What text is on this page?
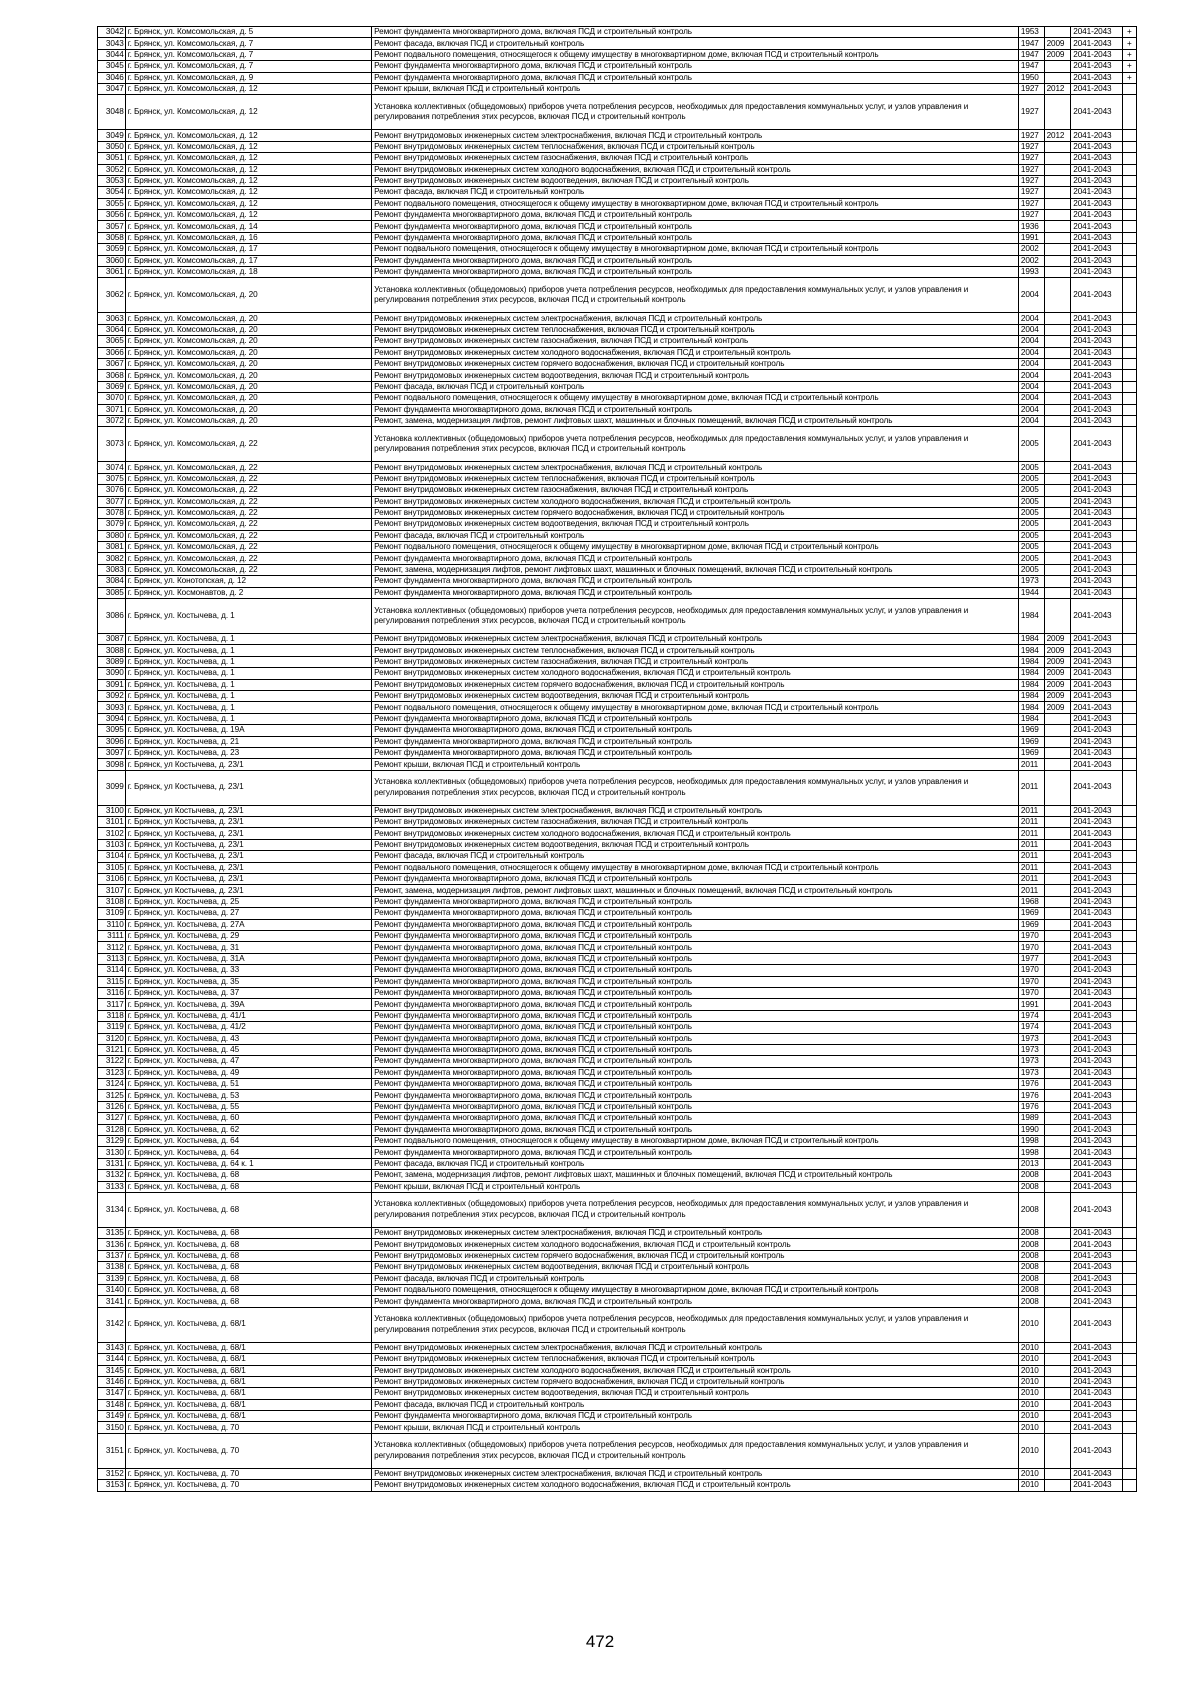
3042	г. Брянск, ул. Комсомольская, д. 5	Ремонт фундамента многоквартирного дома, включая ПСД и строительный контроль	1953		2041-2043	+
3043	г. Брянск, ул. Комсомольская, д. 7	Ремонт фасада, включая ПСД и строительный контроль	1947	2009	2041-2043	+
3044	г. Брянск, ул. Комсомольская, д. 7	Ремонт подвального помещения, относящегося к общему имуществу в многоквартирном доме, включая ПСД и строительный контроль	1947	2009	2041-2043	+
3045	г. Брянск, ул. Комсомольская, д. 7	Ремонт фундамента многоквартирного дома, включая ПСД и строительный контроль	1947		2041-2043	+
3046	г. Брянск, ул. Комсомольская, д. 9	Ремонт фундамента многоквартирного дома, включая ПСД и строительный контроль	1950		2041-2043	+
3047	г. Брянск, ул. Комсомольская, д. 12	Ремонт крыши, включая ПСД и строительный контроль	1927	2012	2041-2043	
3048	г. Брянск, ул. Комсомольская, д. 12	Установка коллективных (общедомовых) приборов учета потребления ресурсов, необходимых для предоставления коммунальных услуг, и узлов управления и регулирования потребления этих ресурсов, включая ПСД и строительный контроль	1927		2041-2043	
3049	г. Брянск, ул. Комсомольская, д. 12	Ремонт внутридомовых инженерных систем электроснабжения, включая ПСД и строительный контроль	1927	2012	2041-2043	
3050	г. Брянск, ул. Комсомольская, д. 12	Ремонт внутридомовых инженерных систем теплоснабжения, включая ПСД и строительный контроль	1927		2041-2043	
3051	г. Брянск, ул. Комсомольская, д. 12	Ремонт внутридомовых инженерных систем газоснабжения, включая ПСД и строительный контроль	1927		2041-2043	
3052	г. Брянск, ул. Комсомольская, д. 12	Ремонт внутридомовых инженерных систем холодного водоснабжения, включая ПСД и строительный контроль	1927		2041-2043	
3053	г. Брянск, ул. Комсомольская, д. 12	Ремонт внутридомовых инженерных систем водоотведения, включая ПСД и строительный контроль	1927		2041-2043	
3054	г. Брянск, ул. Комсомольская, д. 12	Ремонт фасада, включая ПСД и строительный контроль	1927		2041-2043	
3055	г. Брянск, ул. Комсомольская, д. 12	Ремонт подвального помещения, относящегося к общему имуществу в многоквартирном доме, включая ПСД и строительный контроль	1927		2041-2043	
3056	г. Брянск, ул. Комсомольская, д. 12	Ремонт фундамента многоквартирного дома, включая ПСД и строительный контроль	1927		2041-2043	
3057	г. Брянск, ул. Комсомольская, д. 14	Ремонт фундамента многоквартирного дома, включая ПСД и строительный контроль	1936		2041-2043	
3058	г. Брянск, ул. Комсомольская, д. 16	Ремонт фундамента многоквартирного дома, включая ПСД и строительный контроль	1991		2041-2043	
3059	г. Брянск, ул. Комсомольская, д. 17	Ремонт подвального помещения, относящегося к общему имуществу в многоквартирном доме, включая ПСД и строительный контроль	2002		2041-2043	
3060	г. Брянск, ул. Комсомольская, д. 17	Ремонт фундамента многоквартирного дома, включая ПСД и строительный контроль	2002		2041-2043	
3061	г. Брянск, ул. Комсомольская, д. 18	Ремонт фундамента многоквартирного дома, включая ПСД и строительный контроль	1993		2041-2043	
3062	г. Брянск, ул. Комсомольская, д. 20	Установка коллективных (общедомовых) приборов учета потребления ресурсов, необходимых для предоставления коммунальных услуг, и узлов управления и регулирования потребления этих ресурсов, включая ПСД и строительный контроль	2004		2041-2043	
3063	г. Брянск, ул. Комсомольская, д. 20	Ремонт внутридомовых инженерных систем электроснабжения, включая ПСД и строительный контроль	2004		2041-2043	
3064	г. Брянск, ул. Комсомольская, д. 20	Ремонт внутридомовых инженерных систем теплоснабжения, включая ПСД и строительный контроль	2004		2041-2043	
3065	г. Брянск, ул. Комсомольская, д. 20	Ремонт внутридомовых инженерных систем газоснабжения, включая ПСД и строительный контроль	2004		2041-2043	
3066	г. Брянск, ул. Комсомольская, д. 20	Ремонт внутридомовых инженерных систем холодного водоснабжения, включая ПСД и строительный контроль	2004		2041-2043	
3067	г. Брянск, ул. Комсомольская, д. 20	Ремонт внутридомовых инженерных систем горячего водоснабжения, включая ПСД и строительный контроль	2004		2041-2043	
3068	г. Брянск, ул. Комсомольская, д. 20	Ремонт внутридомовых инженерных систем водоотведения, включая ПСД и строительный контроль	2004		2041-2043	
3069	г. Брянск, ул. Комсомольская, д. 20	Ремонт фасада, включая ПСД и строительный контроль	2004		2041-2043	
3070	г. Брянск, ул. Комсомольская, д. 20	Ремонт подвального помещения, относящегося к общему имуществу в многоквартирном доме, включая ПСД и строительный контроль	2004		2041-2043	
3071	г. Брянск, ул. Комсомольская, д. 20	Ремонт фундамента многоквартирного дома, включая ПСД и строительный контроль	2004		2041-2043	
3072	г. Брянск, ул. Комсомольская, д. 20	Ремонт, замена, модернизация лифтов, ремонт лифтовых шахт, машинных и блочных помещений, включая ПСД и строительный контроль	2004		2041-2043	
3073	г. Брянск, ул. Комсомольская, д. 22	Установка коллективных (общедомовых) приборов учета потребления ресурсов, необходимых для предоставления коммунальных услуг, и узлов управления и регулирования потребления этих ресурсов, включая ПСД и строительный контроль	2005		2041-2043	
3074	г. Брянск, ул. Комсомольская, д. 22	Ремонт внутридомовых инженерных систем электроснабжения, включая ПСД и строительный контроль	2005		2041-2043	
3075	г. Брянск, ул. Комсомольская, д. 22	Ремонт внутридомовых инженерных систем теплоснабжения, включая ПСД и строительный контроль	2005		2041-2043	
3076	г. Брянск, ул. Комсомольская, д. 22	Ремонт внутридомовых инженерных систем газоснабжения, включая ПСД и строительный контроль	2005		2041-2043	
3077	г. Брянск, ул. Комсомольская, д. 22	Ремонт внутридомовых инженерных систем холодного водоснабжения, включая ПСД и строительный контроль	2005		2041-2043	
3078	г. Брянск, ул. Комсомольская, д. 22	Ремонт внутридомовых инженерных систем горячего водоснабжения, включая ПСД и строительный контроль	2005		2041-2043	
3079	г. Брянск, ул. Комсомольская, д. 22	Ремонт внутридомовых инженерных систем водоотведения, включая ПСД и строительный контроль	2005		2041-2043	
3080	г. Брянск, ул. Комсомольская, д. 22	Ремонт фасада, включая ПСД и строительный контроль	2005		2041-2043	
3081	г. Брянск, ул. Комсомольская, д. 22	Ремонт подвального помещения, относящегося к общему имуществу в многоквартирном доме, включая ПСД и строительный контроль	2005		2041-2043	
3082	г. Брянск, ул. Комсомольская, д. 22	Ремонт фундамента многоквартирного дома, включая ПСД и строительный контроль	2005		2041-2043	
3083	г. Брянск, ул. Комсомольская, д. 22	Ремонт, замена, модернизация лифтов, ремонт лифтовых шахт, машинных и блочных помещений, включая ПСД и строительный контроль	2005		2041-2043	
3084	г. Брянск, ул. Конотопская, д. 12	Ремонт фундамента многоквартирного дома, включая ПСД и строительный контроль	1973		2041-2043	
3085	г. Брянск, ул. Космонавтов, д. 2	Ремонт фундамента многоквартирного дома, включая ПСД и строительный контроль	1944		2041-2043	
3086	г. Брянск, ул. Костычева, д. 1	Установка коллективных (общедомовых) приборов учета потребления ресурсов, необходимых для предоставления коммунальных услуг, и узлов управления и регулирования потребления этих ресурсов, включая ПСД и строительный контроль	1984		2041-2043	
3087	г. Брянск, ул. Костычева, д. 1	Ремонт внутридомовых инженерных систем электроснабжения, включая ПСД и строительный контроль	1984	2009	2041-2043	
3088	г. Брянск, ул. Костычева, д. 1	Ремонт внутридомовых инженерных систем теплоснабжения, включая ПСД и строительный контроль	1984	2009	2041-2043	
3089	г. Брянск, ул. Костычева, д. 1	Ремонт внутридомовых инженерных систем газоснабжения, включая ПСД и строительный контроль	1984	2009	2041-2043	
3090	г. Брянск, ул. Костычева, д. 1	Ремонт внутридомовых инженерных систем холодного водоснабжения, включая ПСД и строительный контроль	1984	2009	2041-2043	
3091	г. Брянск, ул. Костычева, д. 1	Ремонт внутридомовых инженерных систем горячего водоснабжения, включая ПСД и строительный контроль	1984	2009	2041-2043	
3092	г. Брянск, ул. Костычева, д. 1	Ремонт внутридомовых инженерных систем водоотведения, включая ПСД и строительный контроль	1984	2009	2041-2043	
3093	г. Брянск, ул. Костычева, д. 1	Ремонт подвального помещения, относящегося к общему имуществу в многоквартирном доме, включая ПСД и строительный контроль	1984	2009	2041-2043	
3094	г. Брянск, ул. Костычева, д. 1	Ремонт фундамента многоквартирного дома, включая ПСД и строительный контроль	1984		2041-2043	
3095	г. Брянск, ул. Костычева, д. 19А	Ремонт фундамента многоквартирного дома, включая ПСД и строительный контроль	1969		2041-2043	
3096	г. Брянск, ул. Костычева, д. 21	Ремонт фундамента многоквартирного дома, включая ПСД и строительный контроль	1969		2041-2043	
3097	г. Брянск, ул. Костычева, д. 23	Ремонт фундамента многоквартирного дома, включая ПСД и строительный контроль	1969		2041-2043	
3098	г. Брянск, ул Костычева, д. 23/1	Ремонт крыши, включая ПСД и строительный контроль	2011		2041-2043	
3099	г. Брянск, ул Костычева, д. 23/1	Установка коллективных (общедомовых) приборов учета потребления ресурсов, необходимых для предоставления коммунальных услуг, и узлов управления и регулирования потребления этих ресурсов, включая ПСД и строительный контроль	2011		2041-2043	
3100	г. Брянск, ул Костычева, д. 23/1	Ремонт внутридомовых инженерных систем электроснабжения, включая ПСД и строительный контроль	2011		2041-2043	
3101	г. Брянск, ул Костычева, д. 23/1	Ремонт внутридомовых инженерных систем газоснабжения, включая ПСД и строительный контроль	2011		2041-2043	
3102	г. Брянск, ул Костычева, д. 23/1	Ремонт внутридомовых инженерных систем холодного водоснабжения, включая ПСД и строительный контроль	2011		2041-2043	
3103	г. Брянск, ул Костычева, д. 23/1	Ремонт внутридомовых инженерных систем водоотведения, включая ПСД и строительный контроль	2011		2041-2043	
3104	г. Брянск, ул Костычева, д. 23/1	Ремонт фасада, включая ПСД и строительный контроль	2011		2041-2043	
3105	г. Брянск, ул Костычева, д. 23/1	Ремонт подвального помещения, относящегося к общему имуществу в многоквартирном доме, включая ПСД и строительный контроль	2011		2041-2043	
3106	г. Брянск, ул Костычева, д. 23/1	Ремонт фундамента многоквартирного дома, включая ПСД и строительный контроль	2011		2041-2043	
3107	г. Брянск, ул Костычева, д. 23/1	Ремонт, замена, модернизация лифтов, ремонт лифтовых шахт, машинных и блочных помещений, включая ПСД и строительный контроль	2011		2041-2043	
3108	г. Брянск, ул. Костычева, д. 25	Ремонт фундамента многоквартирного дома, включая ПСД и строительный контроль	1968		2041-2043	
3109	г. Брянск, ул. Костычева, д. 27	Ремонт фундамента многоквартирного дома, включая ПСД и строительный контроль	1969		2041-2043	
3110	г. Брянск, ул. Костычева, д. 27А	Ремонт фундамента многоквартирного дома, включая ПСД и строительный контроль	1969		2041-2043	
3111	г. Брянск, ул. Костычева, д. 29	Ремонт фундамента многоквартирного дома, включая ПСД и строительный контроль	1970		2041-2043	
3112	г. Брянск, ул. Костычева, д. 31	Ремонт фундамента многоквартирного дома, включая ПСД и строительный контроль	1970		2041-2043	
3113	г. Брянск, ул. Костычева, д. 31А	Ремонт фундамента многоквартирного дома, включая ПСД и строительный контроль	1977		2041-2043	
3114	г. Брянск, ул. Костычева, д. 33	Ремонт фундамента многоквартирного дома, включая ПСД и строительный контроль	1970		2041-2043	
3115	г. Брянск, ул. Костычева, д. 35	Ремонт фундамента многоквартирного дома, включая ПСД и строительный контроль	1970		2041-2043	
3116	г. Брянск, ул. Костычева, д. 37	Ремонт фундамента многоквартирного дома, включая ПСД и строительный контроль	1970		2041-2043	
3117	г. Брянск, ул. Костычева, д. 39А	Ремонт фундамента многоквартирного дома, включая ПСД и строительный контроль	1991		2041-2043	
3118	г. Брянск, ул. Костычева, д. 41/1	Ремонт фундамента многоквартирного дома, включая ПСД и строительный контроль	1974		2041-2043	
3119	г. Брянск, ул. Костычева, д. 41/2	Ремонт фундамента многоквартирного дома, включая ПСД и строительный контроль	1974		2041-2043	
3120	г. Брянск, ул. Костычева, д. 43	Ремонт фундамента многоквартирного дома, включая ПСД и строительный контроль	1973		2041-2043	
3121	г. Брянск, ул. Костычева, д. 45	Ремонт фундамента многоквартирного дома, включая ПСД и строительный контроль	1973		2041-2043	
3122	г. Брянск, ул. Костычева, д. 47	Ремонт фундамента многоквартирного дома, включая ПСД и строительный контроль	1973		2041-2043	
3123	г. Брянск, ул. Костычева, д. 49	Ремонт фундамента многоквартирного дома, включая ПСД и строительный контроль	1973		2041-2043	
3124	г. Брянск, ул. Костычева, д. 51	Ремонт фундамента многоквартирного дома, включая ПСД и строительный контроль	1976		2041-2043	
3125	г. Брянск, ул. Костычева, д. 53	Ремонт фундамента многоквартирного дома, включая ПСД и строительный контроль	1976		2041-2043	
3126	г. Брянск, ул. Костычева, д. 55	Ремонт фундамента многоквартирного дома, включая ПСД и строительный контроль	1976		2041-2043	
3127	г. Брянск, ул. Костычева, д. 60	Ремонт фундамента многоквартирного дома, включая ПСД и строительный контроль	1989		2041-2043	
3128	г. Брянск, ул. Костычева, д. 62	Ремонт фундамента многоквартирного дома, включая ПСД и строительный контроль	1990		2041-2043	
3129	г. Брянск, ул. Костычева, д. 64	Ремонт подвального помещения, относящегося к общему имуществу в многоквартирном доме, включая ПСД и строительный контроль	1998		2041-2043	
3130	г. Брянск, ул. Костычева, д. 64	Ремонт фундамента многоквартирного дома, включая ПСД и строительный контроль	1998		2041-2043	
3131	г. Брянск, ул. Костычева, д. 64 к. 1	Ремонт фасада, включая ПСД и строительный контроль	2013		2041-2043	
3132	г. Брянск, ул. Костычева, д. 68	Ремонт, замена, модернизация лифтов, ремонт лифтовых шахт, машинных и блочных помещений, включая ПСД и строительный контроль	2008		2041-2043	
3133	г. Брянск, ул. Костычева, д. 68	Ремонт крыши, включая ПСД и строительный контроль	2008		2041-2043	
3134	г. Брянск, ул. Костычева, д. 68	Установка коллективных (общедомовых) приборов учета потребления ресурсов, необходимых для предоставления коммунальных услуг, и узлов управления и регулирования потребления этих ресурсов, включая ПСД и строительный контроль	2008		2041-2043	
3135	г. Брянск, ул. Костычева, д. 68	Ремонт внутридомовых инженерных систем электроснабжения, включая ПСД и строительный контроль	2008		2041-2043	
3136	г. Брянск, ул. Костычева, д. 68	Ремонт внутридомовых инженерных систем холодного водоснабжения, включая ПСД и строительный контроль	2008		2041-2043	
3137	г. Брянск, ул. Костычева, д. 68	Ремонт внутридомовых инженерных систем горячего водоснабжения, включая ПСД и строительный контроль	2008		2041-2043	
3138	г. Брянск, ул. Костычева, д. 68	Ремонт внутридомовых инженерных систем водоотведения, включая ПСД и строительный контроль	2008		2041-2043	
3139	г. Брянск, ул. Костычева, д. 68	Ремонт фасада, включая ПСД и строительный контроль	2008		2041-2043	
3140	г. Брянск, ул. Костычева, д. 68	Ремонт подвального помещения, относящегося к общему имуществу в многоквартирном доме, включая ПСД и строительный контроль	2008		2041-2043	
3141	г. Брянск, ул. Костычева, д. 68	Ремонт фундамента многоквартирного дома, включая ПСД и строительный контроль	2008		2041-2043	
3142	г. Брянск, ул. Костычева, д. 68/1	Установка коллективных (общедомовых) приборов учета потребления ресурсов, необходимых для предоставления коммунальных услуг, и узлов управления и регулирования потребления этих ресурсов, включая ПСД и строительный контроль	2010		2041-2043	
3143	г. Брянск, ул. Костычева, д. 68/1	Ремонт внутридомовых инженерных систем электроснабжения, включая ПСД и строительный контроль	2010		2041-2043	
3144	г. Брянск, ул. Костычева, д. 68/1	Ремонт внутридомовых инженерных систем теплоснабжения, включая ПСД и строительный контроль	2010		2041-2043	
3145	г. Брянск, ул. Костычева, д. 68/1	Ремонт внутридомовых инженерных систем холодного водоснабжения, включая ПСД и строительный контроль	2010		2041-2043	
3146	г. Брянск, ул. Костычева, д. 68/1	Ремонт внутридомовых инженерных систем горячего водоснабжения, включая ПСД и строительный контроль	2010		2041-2043	
3147	г. Брянск, ул. Костычева, д. 68/1	Ремонт внутридомовых инженерных систем водоотведения, включая ПСД и строительный контроль	2010		2041-2043	
3148	г. Брянск, ул. Костычева, д. 68/1	Ремонт фасада, включая ПСД и строительный контроль	2010		2041-2043	
3149	г. Брянск, ул. Костычева, д. 68/1	Ремонт фундамента многоквартирного дома, включая ПСД и строительный контроль	2010		2041-2043	
3150	г. Брянск, ул. Костычева, д. 70	Ремонт крыши, включая ПСД и строительный контроль	2010		2041-2043	
3151	г. Брянск, ул. Костычева, д. 70	Установка коллективных (общедомовых) приборов учета потребления ресурсов, необходимых для предоставления коммунальных услуг, и узлов управления и регулирования потребления этих ресурсов, включая ПСД и строительный контроль	2010		2041-2043	
3152	г. Брянск, ул. Костычева, д. 70	Ремонт внутридомовых инженерных систем электроснабжения, включая ПСД и строительный контроль	2010		2041-2043	
3153	г. Брянск, ул. Костычева, д. 70	Ремонт внутридомовых инженерных систем холодного водоснабжения, включая ПСД и строительный контроль	2010		2041-2043	
472
